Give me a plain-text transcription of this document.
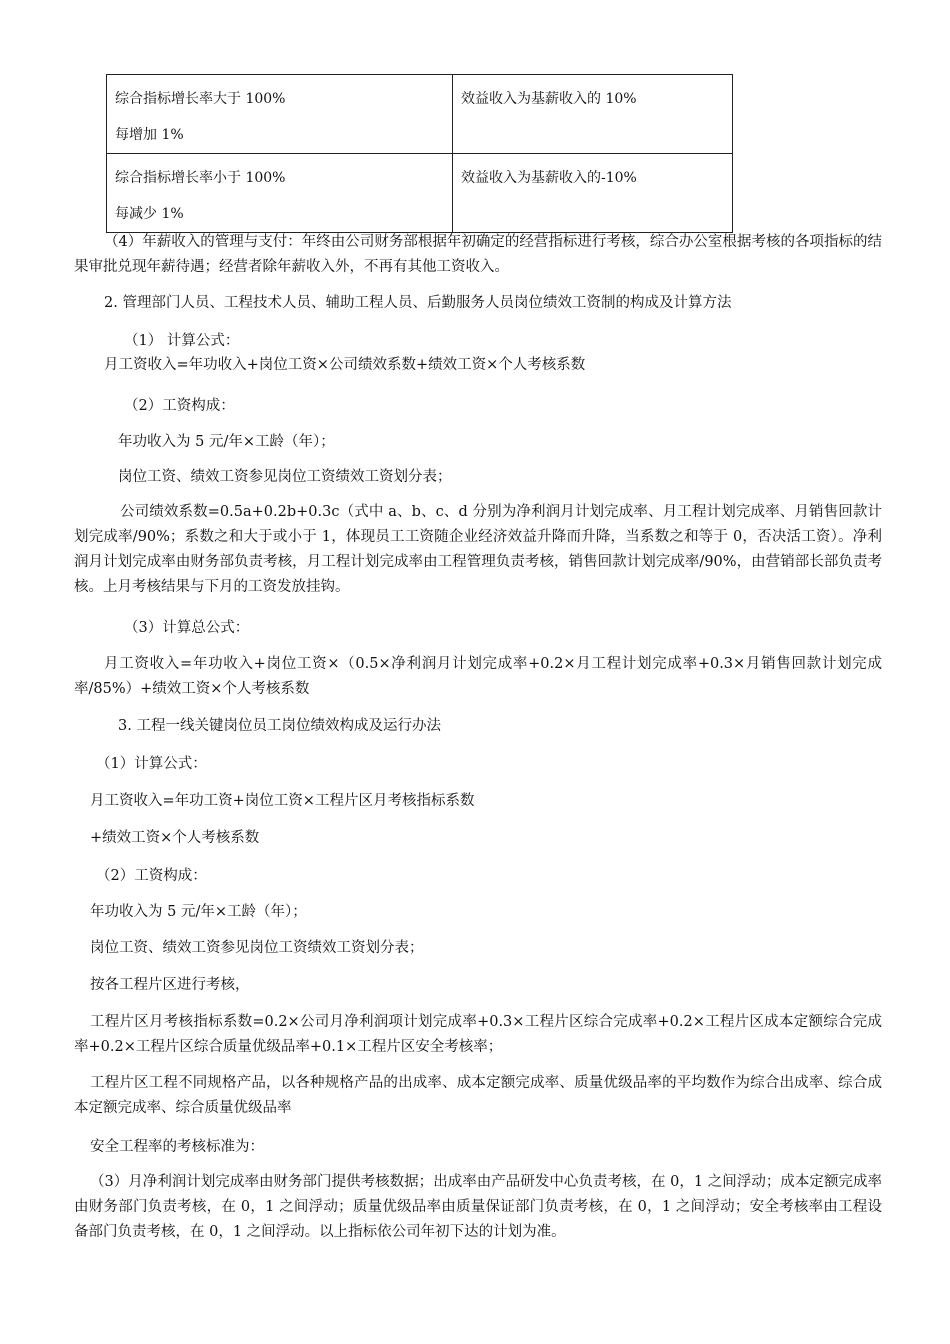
综合指标增长率大于 100%
每增加 1%	效益收入为基薪收入的 10%

综合指标增长率小于 100%
每减少 1%	效益收入为基薪收入的-10%
（4）年薪收入的管理与支付：年终由公司财务部根据年初确定的经营指标进行考核，综合办公室根据考核的各项指标的结果审批兑现年薪待遇；经营者除年薪收入外，不再有其他工资收入。
2. 管理部门人员、工程技术人员、辅助工程人员、后勤服务人员岗位绩效工资制的构成及计算方法
（1） 计算公式：
月工资收入=年功收入+岗位工资×公司绩效系数+绩效工资×个人考核系数
（2）工资构成：
年功收入为 5 元/年×工龄（年）；
岗位工资、绩效工资参见岗位工资绩效工资划分表；
公司绩效系数=0.5a+0.2b+0.3c（式中 a、b、c、d 分别为净利润月计划完成率、月工程计划完成率、月销售回款计划完成率/90%；系数之和大于或小于 1，体现员工工资随企业经济效益升降而升降，当系数之和等于 0，否决活工资）。净利润月计划完成率由财务部负责考核，月工程计划完成率由工程管理负责考核，销售回款计划完成率/90%，由营销部长部负责考核。上月考核结果与下月的工资发放挂钩。
（3）计算总公式：
月工资收入=年功收入+岗位工资×（0.5×净利润月计划完成率+0.2×月工程计划完成率+0.3×月销售回款计划完成率/85%）+绩效工资×个人考核系数
3. 工程一线关键岗位员工岗位绩效构成及运行办法
（1）计算公式：
月工资收入=年功工资+岗位工资×工程片区月考核指标系数
+绩效工资×个人考核系数
（2）工资构成：
年功收入为 5 元/年×工龄（年）；
岗位工资、绩效工资参见岗位工资绩效工资划分表；
按各工程片区进行考核，
工程片区月考核指标系数=0.2×公司月净利润项计划完成率+0.3×工程片区综合完成率+0.2×工程片区成本定额综合完成率+0.2×工程片区综合质量优级品率+0.1×工程片区安全考核率；
工程片区工程不同规格产品，以各种规格产品的出成率、成本定额完成率、质量优级品率的平均数作为综合出成率、综合成本定额完成率、综合质量优级品率
安全工程率的考核标准为：
（3）月净利润计划完成率由财务部门提供考核数据；出成率由产品研发中心负责考核，在 0，1 之间浮动；成本定额完成率由财务部门负责考核，在 0，1 之间浮动；质量优级品率由质量保证部门负责考核，在 0，1 之间浮动；安全考核率由工程设备部门负责考核，在 0，1 之间浮动。以上指标依公司年初下达的计划为准。
